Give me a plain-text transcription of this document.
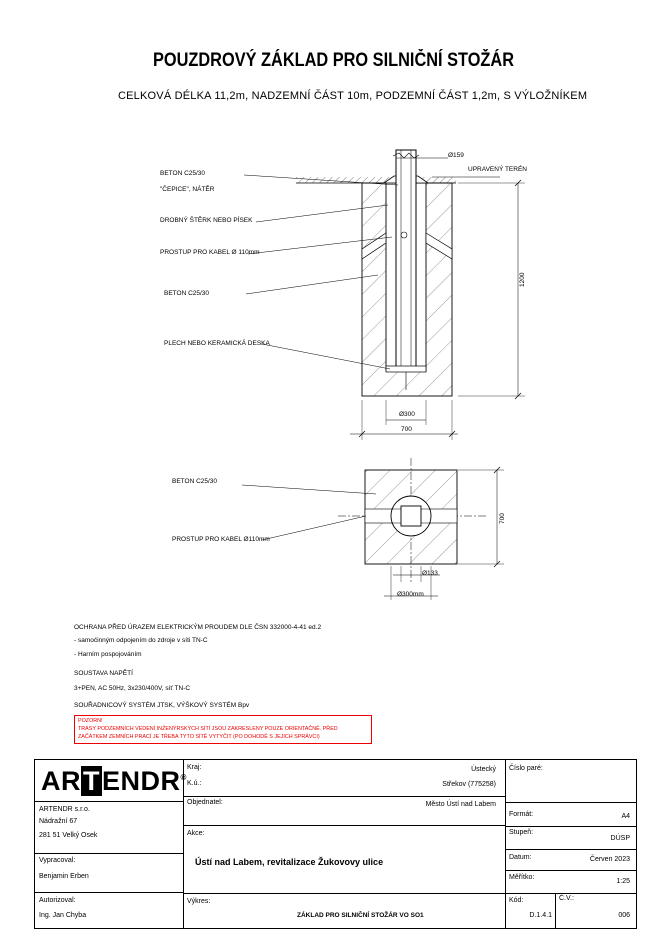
POUZDROVÝ ZÁKLAD PRO SILNIČNÍ STOŽÁR
CELKOVÁ DÉLKA 11,2m, NADZEMNÍ ČÁST 10m, PODZEMNÍ ČÁST 1,2m, S VÝLOŽNÍKEM
BETON C25/30
"ČEPICE", NÁTĚR
DROBNÝ ŠTĚRK NEBO PÍSEK
PROSTUP PRO KABEL Ø 110mm
BETON C25/30
PLECH NEBO KERAMICKÁ DESKA
UPRAVENÝ TERÉN
Ø159
1200
Ø300
700
BETON C25/30
PROSTUP PRO KABEL Ø110mm
700
Ø133
Ø300mm
OCHRANA PŘED ÚRAZEM ELEKTRICKÝM PROUDEM DLE ČSN 332000-4-41 ed.2
- samočinným odpojením do zdroje v síti TN-C
- Harním pospojováním
SOUSTAVA NAPĚTÍ
3+PEN, AC 50Hz, 3x230/400V, síť TN-C
SOUŘADNICOVÝ SYSTÉM JTSK, VÝŠKOVÝ SYSTÉM Bpv
POZORN!
TRASY PODZEMNÍCH VEDENÍ INŽENÝRSKÝCH SÍTÍ JSOU ZAKRESLENY POUZE ORIENTAČNĚ. PŘED
ZAČÁTKEM ZEMNÍCH PRACÍ JE TŘEBA TYTO SÍTĚ VYTYČIT (PO DOHODĚ S JEJICH SPRÁVCI)
ARTENDR®
ARTENDR s.r.o.
Nádražní 67
281 51 Velký Osek
Vypracoval:
Benjamin Erben
Autorizoval:
Ing. Jan Chyba
Kraj:	Ústecký
K.ú.:	Střekov (775258)
Objednatel:	Město Ústí nad Labem
Akce:
Ústí nad Labem, revitalizace Žukovovy ulice
Výkres:
ZÁKLAD PRO SILNIČNÍ STOŽÁR VO SO1
Číslo paré:
Formát:	A4
Stupeň:
DÚSP
Datum:	Červen 2023
Měřítko:
1:25
Kód:
D.1.4.1
Č.V.:
006
